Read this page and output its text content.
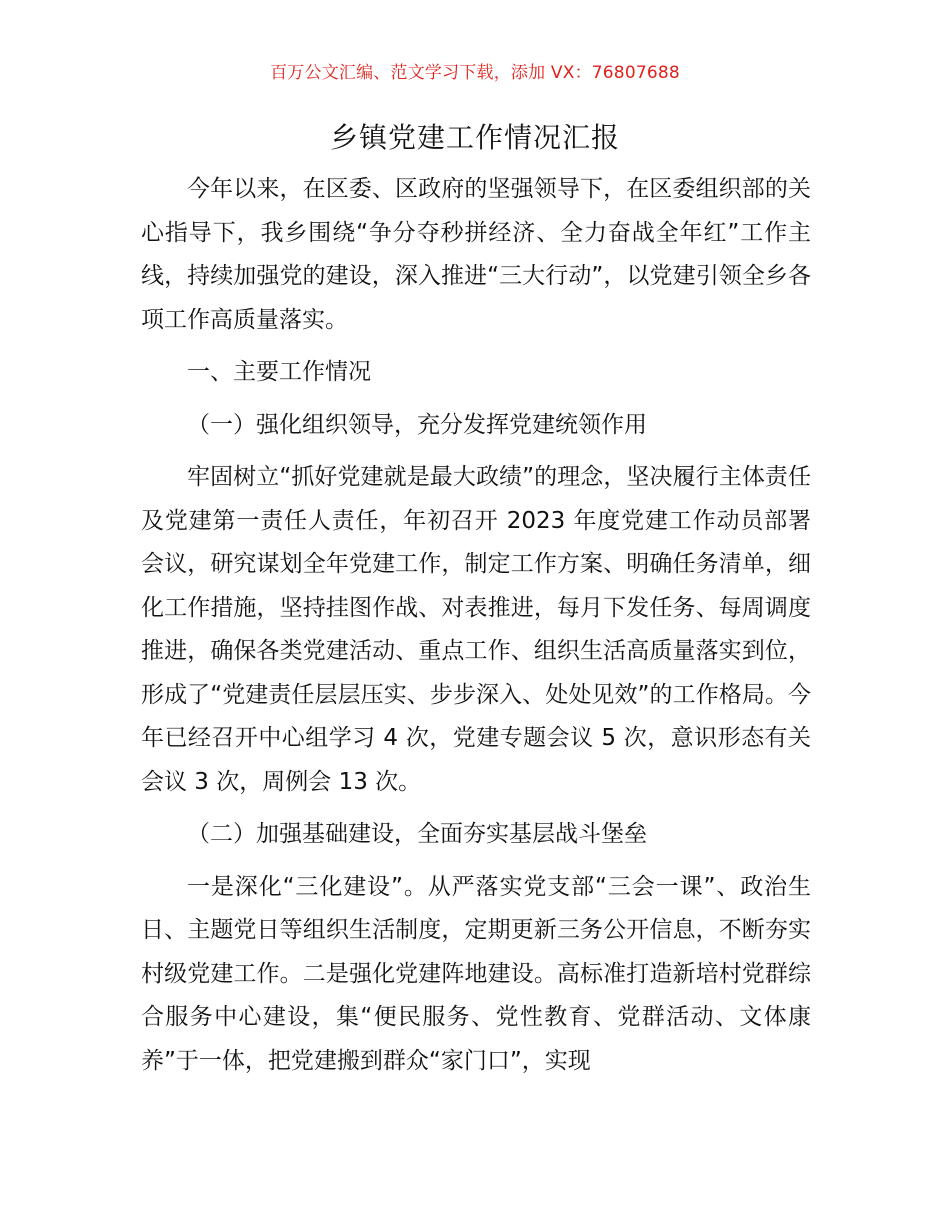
百万公文汇编、范文学习下载，添加 VX：76807688
乡镇党建工作情况汇报

今年以来，在区委、区政府的坚强领导下，在区委组织部的关心指导下，我乡围绕“争分夺秒拼经济、全力奋战全年红”工作主线，持续加强党的建设，深入推进“三大行动”，以党建引领全乡各项工作高质量落实。

一、主要工作情况

（一）强化组织领导，充分发挥党建统领作用

牢固树立“抓好党建就是最大政绩”的理念，坚决履行主体责任及党建第一责任人责任，年初召开 2023 年度党建工作动员部署会议，研究谋划全年党建工作，制定工作方案、明确任务清单，细化工作措施，坚持挂图作战、对表推进，每月下发任务、每周调度推进，确保各类党建活动、重点工作、组织生活高质量落实到位，形成了“党建责任层层压实、步步深入、处处见效”的工作格局。今年已经召开中心组学习 4 次，党建专题会议 5 次，意识形态有关会议 3 次，周例会 13 次。

（二）加强基础建设，全面夯实基层战斗堡垒

一是深化“三化建设”。从严落实党支部“三会一课”、政治生日、主题党日等组织生活制度，定期更新三务公开信息，不断夯实村级党建工作。二是强化党建阵地建设。高标准打造新培村党群综合服务中心建设，集“便民服务、党性教育、党群活动、文体康养”于一体，把党建搬到群众“家门口”，实现
